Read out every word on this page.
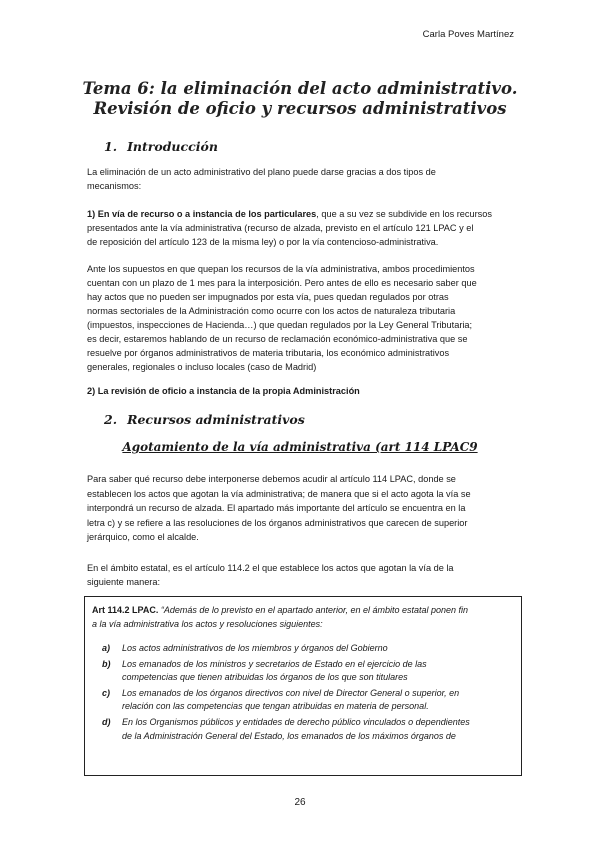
Carla Poves Martínez
Tema 6: la eliminación del acto administrativo.
Revisión de oficio y recursos administrativos
1. Introducción
La eliminación de un acto administrativo del plano puede darse gracias a dos tipos de
mecanismos:
1) En vía de recurso o a instancia de los particulares, que a su vez se subdivide en los recursos
presentados ante la vía administrativa (recurso de alzada, previsto en el artículo 121 LPAC y el
de reposición del artículo 123 de la misma ley) o por la vía contencioso-administrativa.
Ante los supuestos en que quepan los recursos de la vía administrativa, ambos procedimientos
cuentan con un plazo de 1 mes para la interposición. Pero antes de ello es necesario saber que
hay actos que no pueden ser impugnados por esta vía, pues quedan regulados por otras
normas sectoriales de la Administración como ocurre con los actos de naturaleza tributaria
(impuestos, inspecciones de Hacienda…) que quedan regulados por la Ley General Tributaria;
es decir, estaremos hablando de un recurso de reclamación económico-administrativa que se
resuelve por órganos administrativos de materia tributaria, los económico administrativos
generales, regionales o incluso locales (caso de Madrid)
2) La revisión de oficio a instancia de la propia Administración
2. Recursos administrativos
Agotamiento de la vía administrativa (art 114 LPAC9
Para saber qué recurso debe interponerse debemos acudir al artículo 114 LPAC, donde se
establecen los actos que agotan la vía administrativa; de manera que si el acto agota la vía se
interpondrá un recurso de alzada. El apartado más importante del artículo se encuentra en la
letra c) y se refiere a las resoluciones de los órganos administrativos que carecen de superior
jerárquico, como el alcalde.
En el ámbito estatal, es el artículo 114.2 el que establece los actos que agotan la vía de la
siguiente manera:
Art 114.2 LPAC. “Además de lo previsto en el apartado anterior, en el ámbito estatal ponen fin
a la vía administrativa los actos y resoluciones siguientes:
a) Los actos administrativos de los miembros y órganos del Gobierno
b) Los emanados de los ministros y secretarios de Estado en el ejercicio de las
competencias que tienen atribuidas los órganos de los que son titulares
c) Los emanados de los órganos directivos con nivel de Director General o superior, en
relación con las competencias que tengan atribuidas en materia de personal.
d) En los Organismos públicos y entidades de derecho público vinculados o dependientes
de la Administración General del Estado, los emanados de los máximos órganos de
26
